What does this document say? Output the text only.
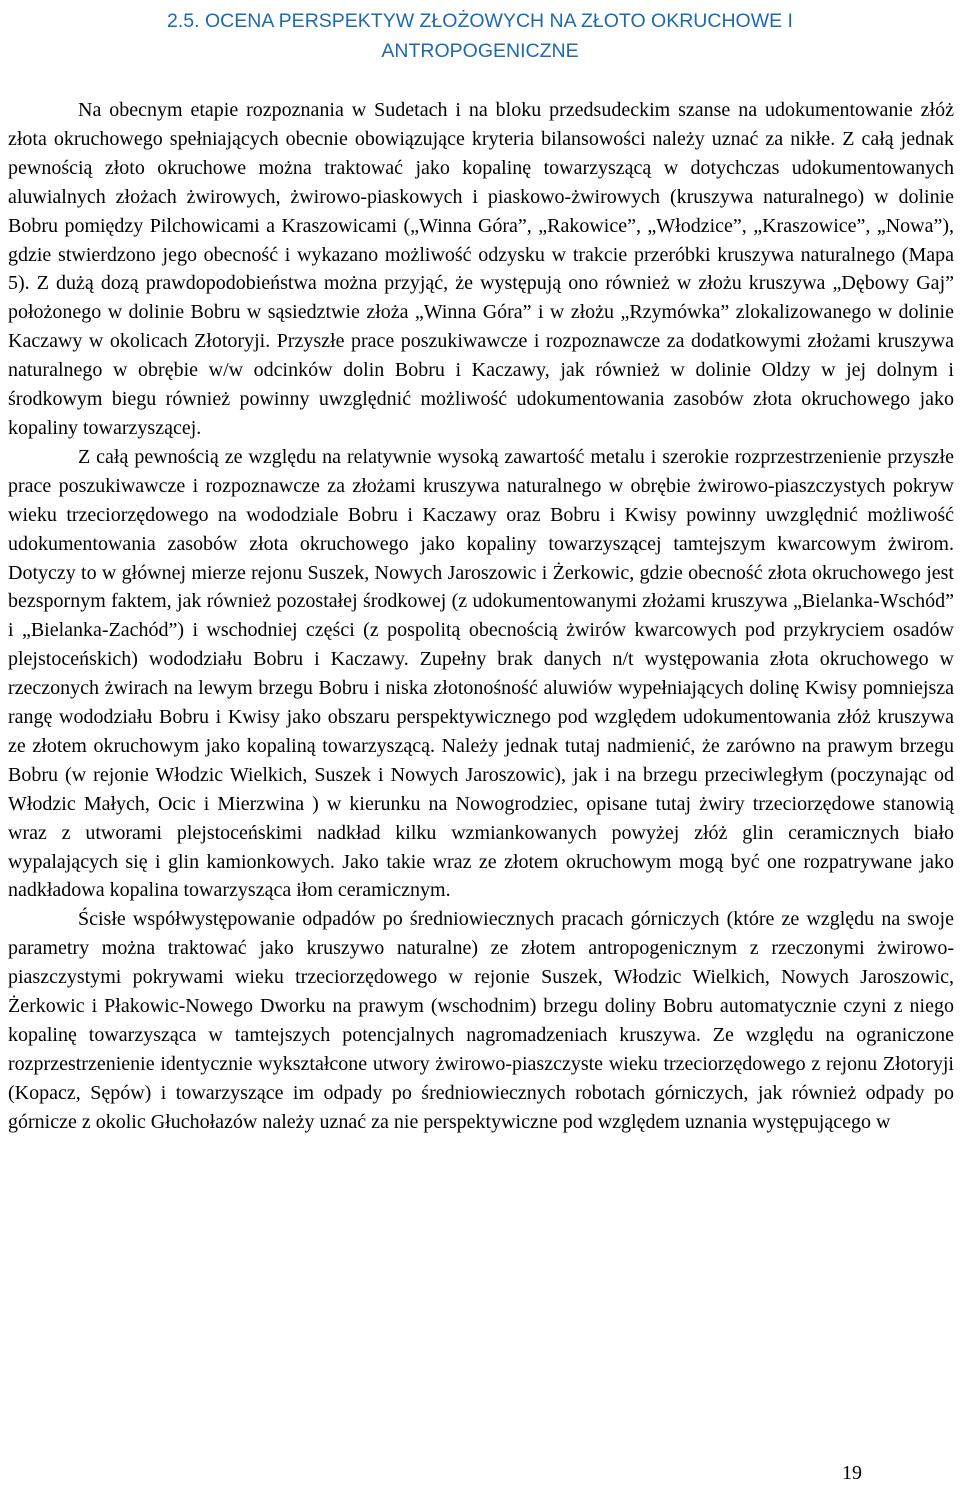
2.5. OCENA PERSPEKTYW ZŁOŻOWYCH NA ZŁOTO OKRUCHOWE I
ANTROPOGENICZNE

Na obecnym etapie rozpoznania w Sudetach i na bloku przedsudeckim szanse na udokumentowanie złóż złota okruchowego spełniających obecnie obowiązujące kryteria bilansowości należy uznać za nikłe. Z całą jednak pewnością złoto okruchowe można traktować jako kopalinę towarzyszącą w dotychczas udokumentowanych aluwialnych złożach żwirowych, żwirowo-piaskowych i piaskowo-żwirowych (kruszywa naturalnego) w dolinie Bobru pomiędzy Pilchowicami a Kraszowicami („Winna Góra”, „Rakowice”, „Włodzice”, „Kraszowice”, „Nowa”), gdzie stwierdzono jego obecność i wykazano możliwość odzysku w trakcie przeróbki kruszywa naturalnego (Mapa 5). Z dużą dozą prawdopodobieństwa można przyjąć, że występują ono również w złożu kruszywa „Dębowy Gaj” położonego w dolinie Bobru w sąsiedztwie złoża „Winna Góra” i w złożu „Rzymówka” zlokalizowanego w dolinie Kaczawy w okolicach Złotoryji. Przyszłe prace poszukiwawcze i rozpoznawcze za dodatkowymi złożami kruszywa naturalnego w obrębie w/w odcinków dolin Bobru i Kaczawy, jak również w dolinie Oldzy w jej dolnym i środkowym biegu również powinny uwzględnić możliwość udokumentowania zasobów złota okruchowego jako kopaliny towarzyszącej.

Z całą pewnością ze względu na relatywnie wysoką zawartość metalu i szerokie rozprzestrzenienie przyszłe prace poszukiwawcze i rozpoznawcze za złożami kruszywa naturalnego w obrębie żwirowo-piaszczystych pokryw wieku trzeciorzędowego na wododziale Bobru i Kaczawy oraz Bobru i Kwisy powinny uwzględnić możliwość udokumentowania zasobów złota okruchowego jako kopaliny towarzyszącej tamtejszym kwarcowym żwirom. Dotyczy to w głównej mierze rejonu Suszek, Nowych Jaroszowic i Żerkowic, gdzie obecność złota okruchowego jest bezspornym faktem, jak również pozostałej środkowej (z udokumentowanymi złożami kruszywa „Bielanka-Wschód” i „Bielanka-Zachód”) i wschodniej części (z pospolitą obecnością żwirów kwarcowych pod przykryciem osadów plejstoceńskich) wododziału Bobru i Kaczawy. Zupełny brak danych n/t występowania złota okruchowego w rzeczonych żwirach na lewym brzegu Bobru i niska złotonośność aluwiów wypełniających dolinę Kwisy pomniejsza rangę wododziału Bobru i Kwisy jako obszaru perspektywicznego pod względem udokumentowania złóż kruszywa ze złotem okruchowym jako kopaliną towarzyszącą. Należy jednak tutaj nadmienić, że zarówno na prawym brzegu Bobru (w rejonie Włodzic Wielkich, Suszek i Nowych Jaroszowic), jak i na brzegu przeciwległym (poczynając od Włodzic Małych, Ocic i Mierzwina ) w kierunku na Nowogrodziec, opisane tutaj żwiry trzeciorzędowe stanowią wraz z utworami plejstoceńskimi nadkład kilku wzmiankowanych powyżej złóż glin ceramicznych biało wypalających się i glin kamionkowych. Jako takie wraz ze złotem okruchowym mogą być one rozpatrywane jako nadkładowa kopalina towarzysząca iłom ceramicznym.

Ścisłe współwystępowanie odpadów po średniowiecznych pracach górniczych (które ze względu na swoje parametry można traktować jako kruszywo naturalne) ze złotem antropogenicznym z rzeczonymi żwirowo-piaszczystymi pokrywami wieku trzeciorzędowego w rejonie Suszek, Włodzic Wielkich, Nowych Jaroszowic, Żerkowic i Płakowic-Nowego Dworku na prawym (wschodnim) brzegu doliny Bobru automatycznie czyni z niego kopalinę towarzysząca w tamtejszych potencjalnych nagromadzeniach kruszywa. Ze względu na ograniczone rozprzestrzenienie identycznie wykształcone utwory żwirowo-piaszczyste wieku trzeciorzędowego z rejonu Złotoryji (Kopacz, Sępów) i towarzyszące im odpady po średniowiecznych robotach górniczych, jak również odpady po górnicze z okolic Głuchołazów należy uznać za nie perspektywiczne pod względem uznania występującego w

19
